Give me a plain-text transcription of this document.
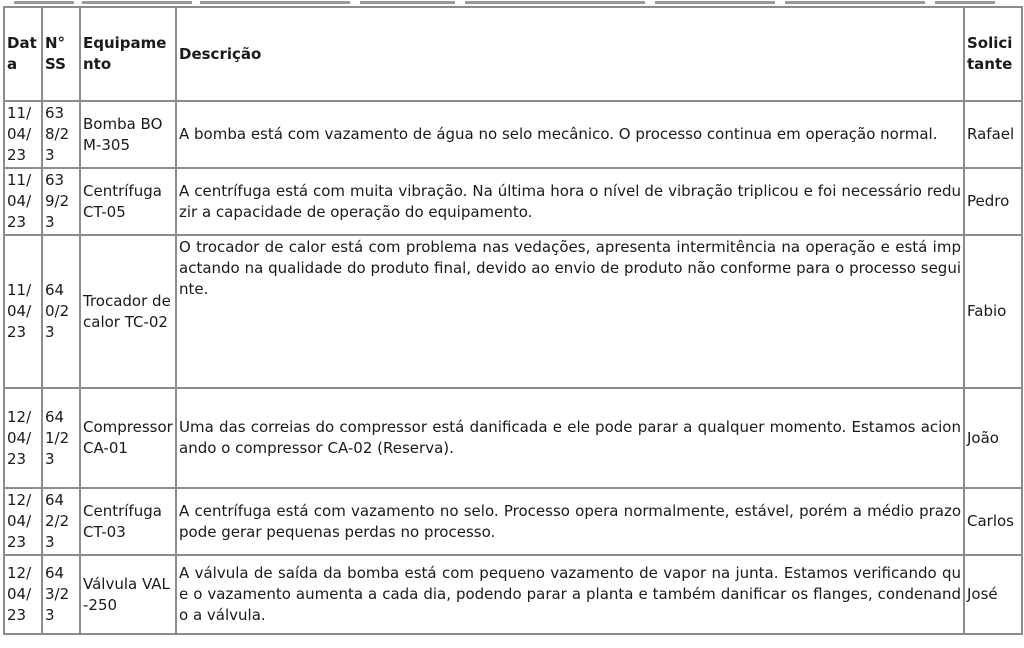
Data	N° SS	Equipamento	Descrição	Solicitante
11/04/23	638/23	Bomba BOM-305	A bomba está com vazamento de água no selo mecânico. O processo continua em operação normal.	Rafael
11/04/23	639/23	Centrífuga CT-05	A centrífuga está com muita vibração. Na última hora o nível de vibração triplicou e foi necessário reduzir a capacidade de operação do equipamento.	Pedro
11/04/23	640/23	Trocador de calor TC-02	O trocador de calor está com problema nas vedações, apresenta intermitência na operação e está impactando na qualidade do produto final, devido ao envio de produto não conforme para o processo seguinte.	Fabio
12/04/23	641/23	Compressor CA-01	Uma das correias do compressor está danificada e ele pode parar a qualquer momento. Estamos acionando o compressor CA-02 (Reserva).	João
12/04/23	642/23	Centrífuga CT-03	A centrífuga está com vazamento no selo. Processo opera normalmente, estável, porém a médio prazo pode gerar pequenas perdas no processo.	Carlos
12/04/23	643/23	Válvula VAL-250	A válvula de saída da bomba está com pequeno vazamento de vapor na junta. Estamos verificando que o vazamento aumenta a cada dia, podendo parar a planta e também danificar os flanges, condenando a válvula.	José
